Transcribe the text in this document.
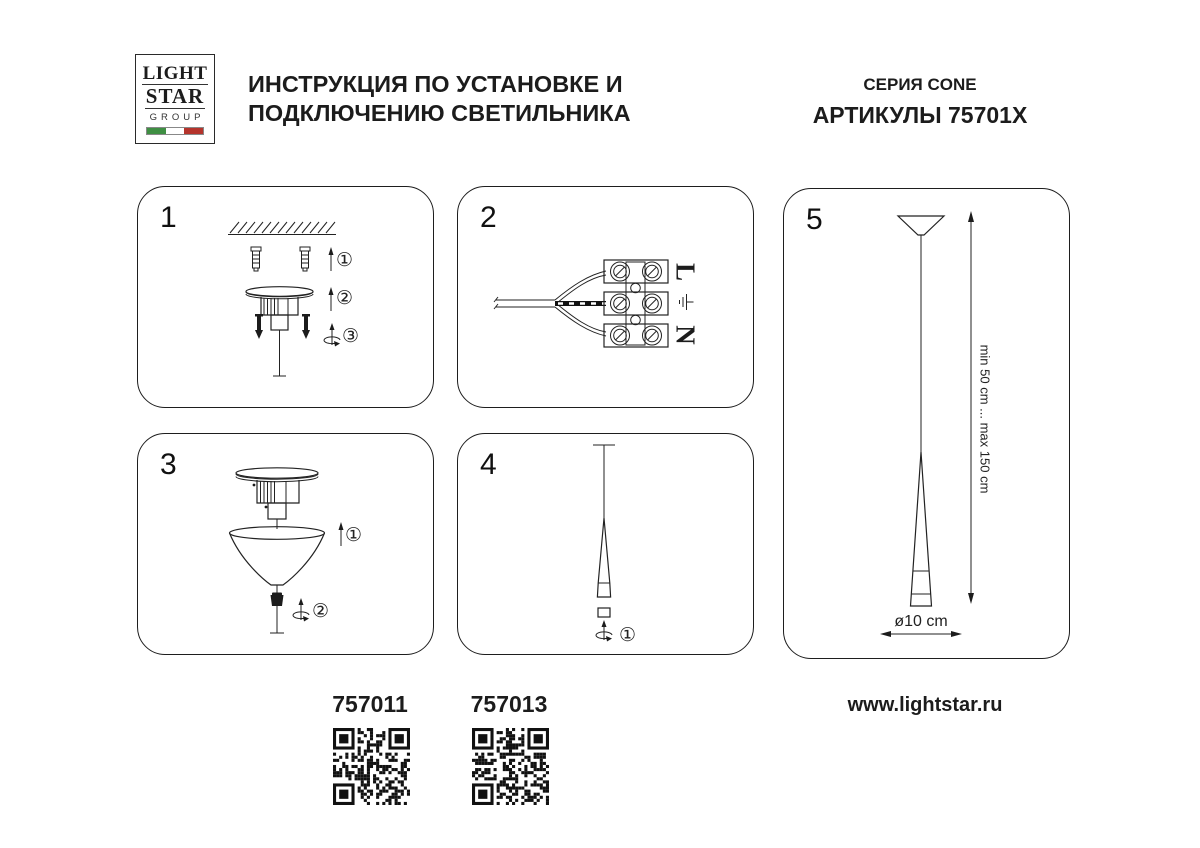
LIGHT
STAR
GROUP
ИНСТРУКЦИЯ ПО УСТАНОВКЕ И
ПОДКЛЮЧЕНИЮ СВЕТИЛЬНИКА
СЕРИЯ CONE
АРТИКУЛЫ 75701X
1
①
②
③
2
L
N
3
①
②
4
①
5
min 50 cm ... max 150 cm
ø10 cm
757011	757013	www.lightstar.ru
